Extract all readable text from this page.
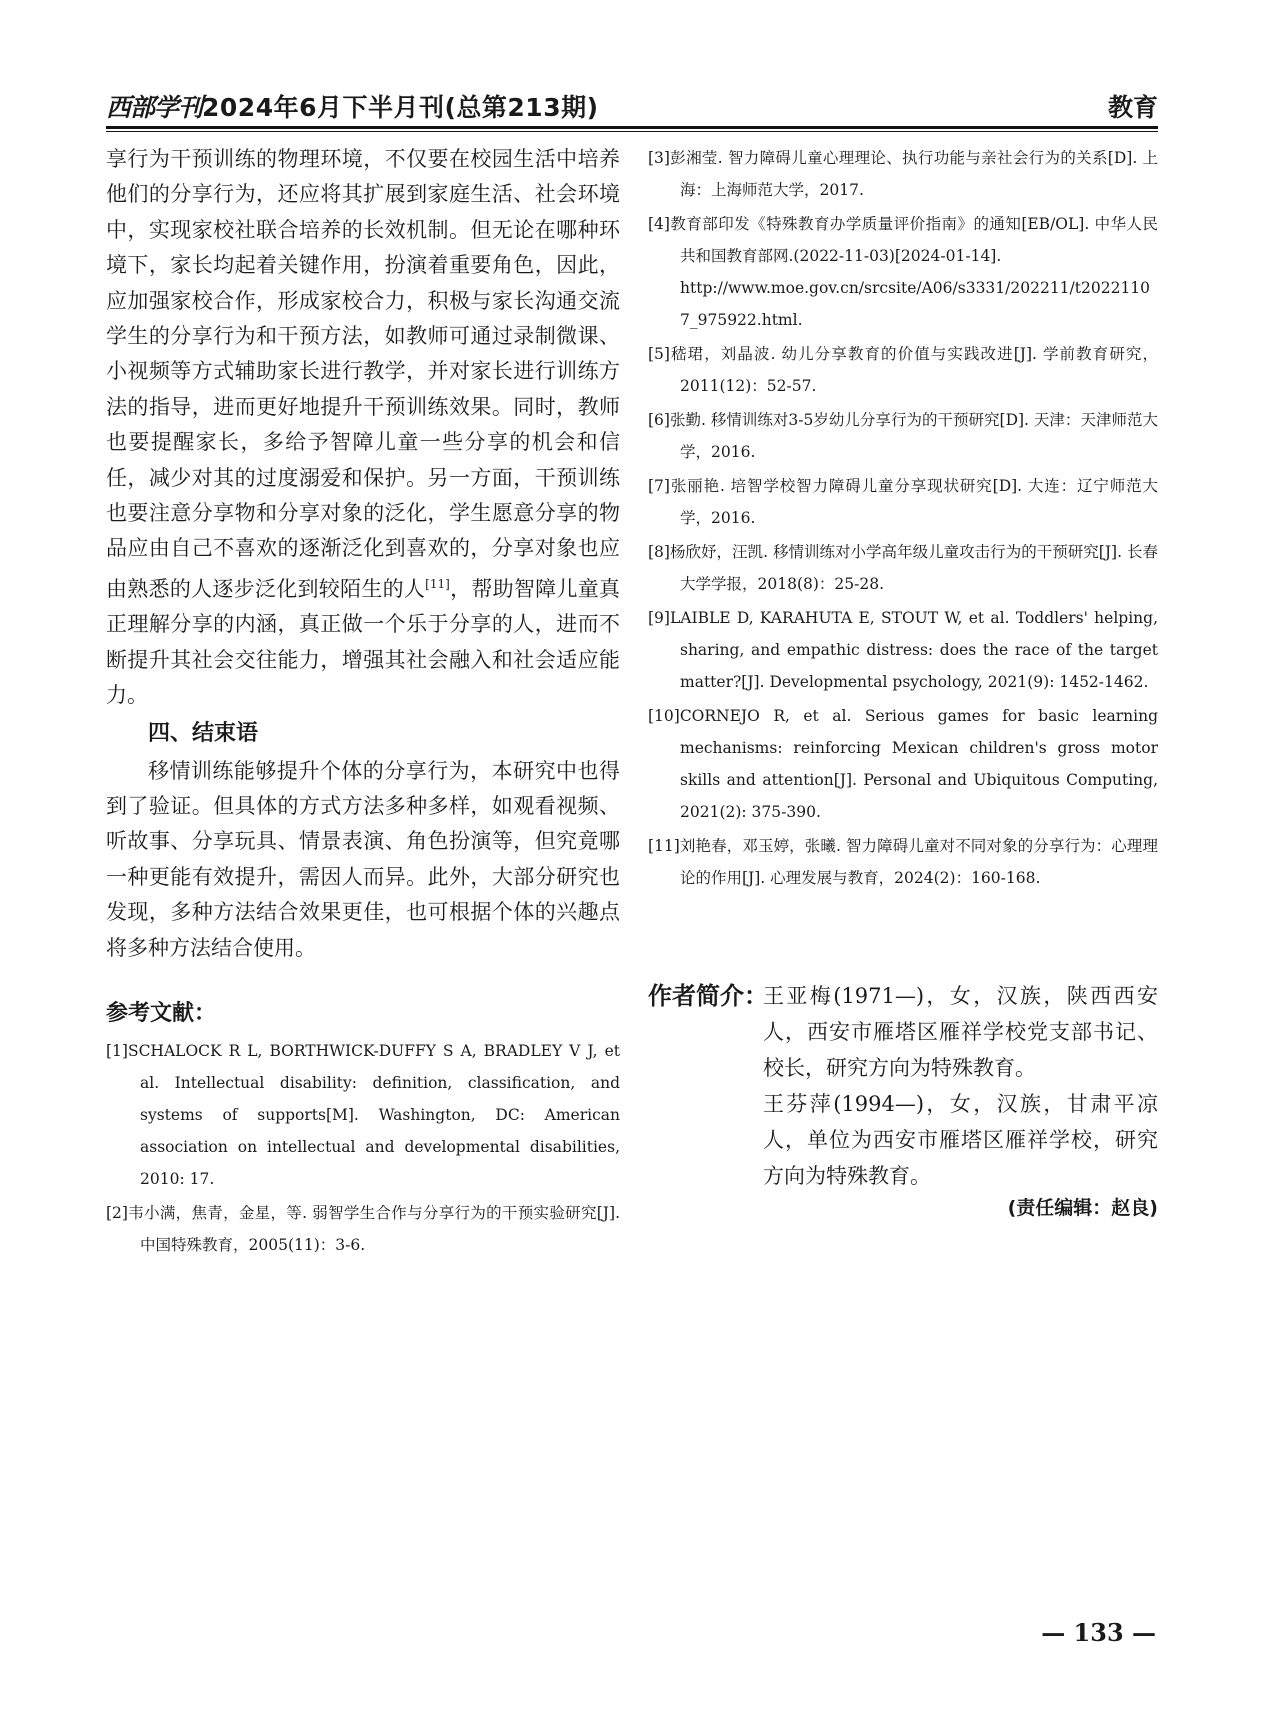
西部学刊2024年6月下半月刊(总第213期)	教育

享行为干预训练的物理环境，不仅要在校园生活中培养他们的分享行为，还应将其扩展到家庭生活、社会环境中，实现家校社联合培养的长效机制。但无论在哪种环境下，家长均起着关键作用，扮演着重要角色，因此，应加强家校合作，形成家校合力，积极与家长沟通交流学生的分享行为和干预方法，如教师可通过录制微课、小视频等方式辅助家长进行教学，并对家长进行训练方法的指导，进而更好地提升干预训练效果。同时，教师也要提醒家长，多给予智障儿童一些分享的机会和信任，减少对其的过度溺爱和保护。另一方面，干预训练也要注意分享物和分享对象的泛化，学生愿意分享的物品应由自己不喜欢的逐渐泛化到喜欢的，分享对象也应由熟悉的人逐步泛化到较陌生的人[11]，帮助智障儿童真正理解分享的内涵，真正做一个乐于分享的人，进而不断提升其社会交往能力，增强其社会融入和社会适应能力。

四、结束语

移情训练能够提升个体的分享行为，本研究中也得到了验证。但具体的方式方法多种多样，如观看视频、听故事、分享玩具、情景表演、角色扮演等，但究竟哪一种更能有效提升，需因人而异。此外，大部分研究也发现，多种方法结合效果更佳，也可根据个体的兴趣点将多种方法结合使用。

参考文献：

[1]SCHALOCK R L, BORTHWICK-DUFFY S A, BRADLEY V J, et al. Intellectual disability: definition, classification, and systems of supports[M]. Washington, DC: American association on intellectual and developmental disabilities, 2010: 17.

[2]韦小满，焦青，金星，等. 弱智学生合作与分享行为的干预实验研究[J]. 中国特殊教育，2005(11)：3-6.

[3]彭湘莹. 智力障碍儿童心理理论、执行功能与亲社会行为的关系[D]. 上海：上海师范大学，2017.

[4]教育部印发《特殊教育办学质量评价指南》的通知[EB/OL]. 中华人民共和国教育部网.(2022-11-03)[2024-01-14].
http://www.moe.gov.cn/srcsite/A06/s3331/202211/t20221107_975922.html.

[5]嵇珺，刘晶波. 幼儿分享教育的价值与实践改进[J]. 学前教育研究，2011(12)：52-57.

[6]张勤. 移情训练对3-5岁幼儿分享行为的干预研究[D]. 天津：天津师范大学，2016.

[7]张丽艳. 培智学校智力障碍儿童分享现状研究[D]. 大连：辽宁师范大学，2016.

[8]杨欣妤，汪凯. 移情训练对小学高年级儿童攻击行为的干预研究[J]. 长春大学学报，2018(8)：25-28.

[9]LAIBLE D, KARAHUTA E, STOUT W, et al. Toddlers' helping, sharing, and empathic distress: does the race of the target matter?[J]. Developmental psychology, 2021(9): 1452-1462.

[10]CORNEJO R, et al. Serious games for basic learning mechanisms: reinforcing Mexican children's gross motor skills and attention[J]. Personal and Ubiquitous Computing, 2021(2): 375-390.

[11]刘艳春，邓玉婷，张曦. 智力障碍儿童对不同对象的分享行为：心理理论的作用[J]. 心理发展与教育，2024(2)：160-168.

作者简介：

王亚梅(1971—)，女，汉族，陕西西安人，西安市雁塔区雁祥学校党支部书记、校长，研究方向为特殊教育。

王芬萍(1994—)，女，汉族，甘肃平凉人，单位为西安市雁塔区雁祥学校，研究方向为特殊教育。

(责任编辑：赵良)
— 133 —
